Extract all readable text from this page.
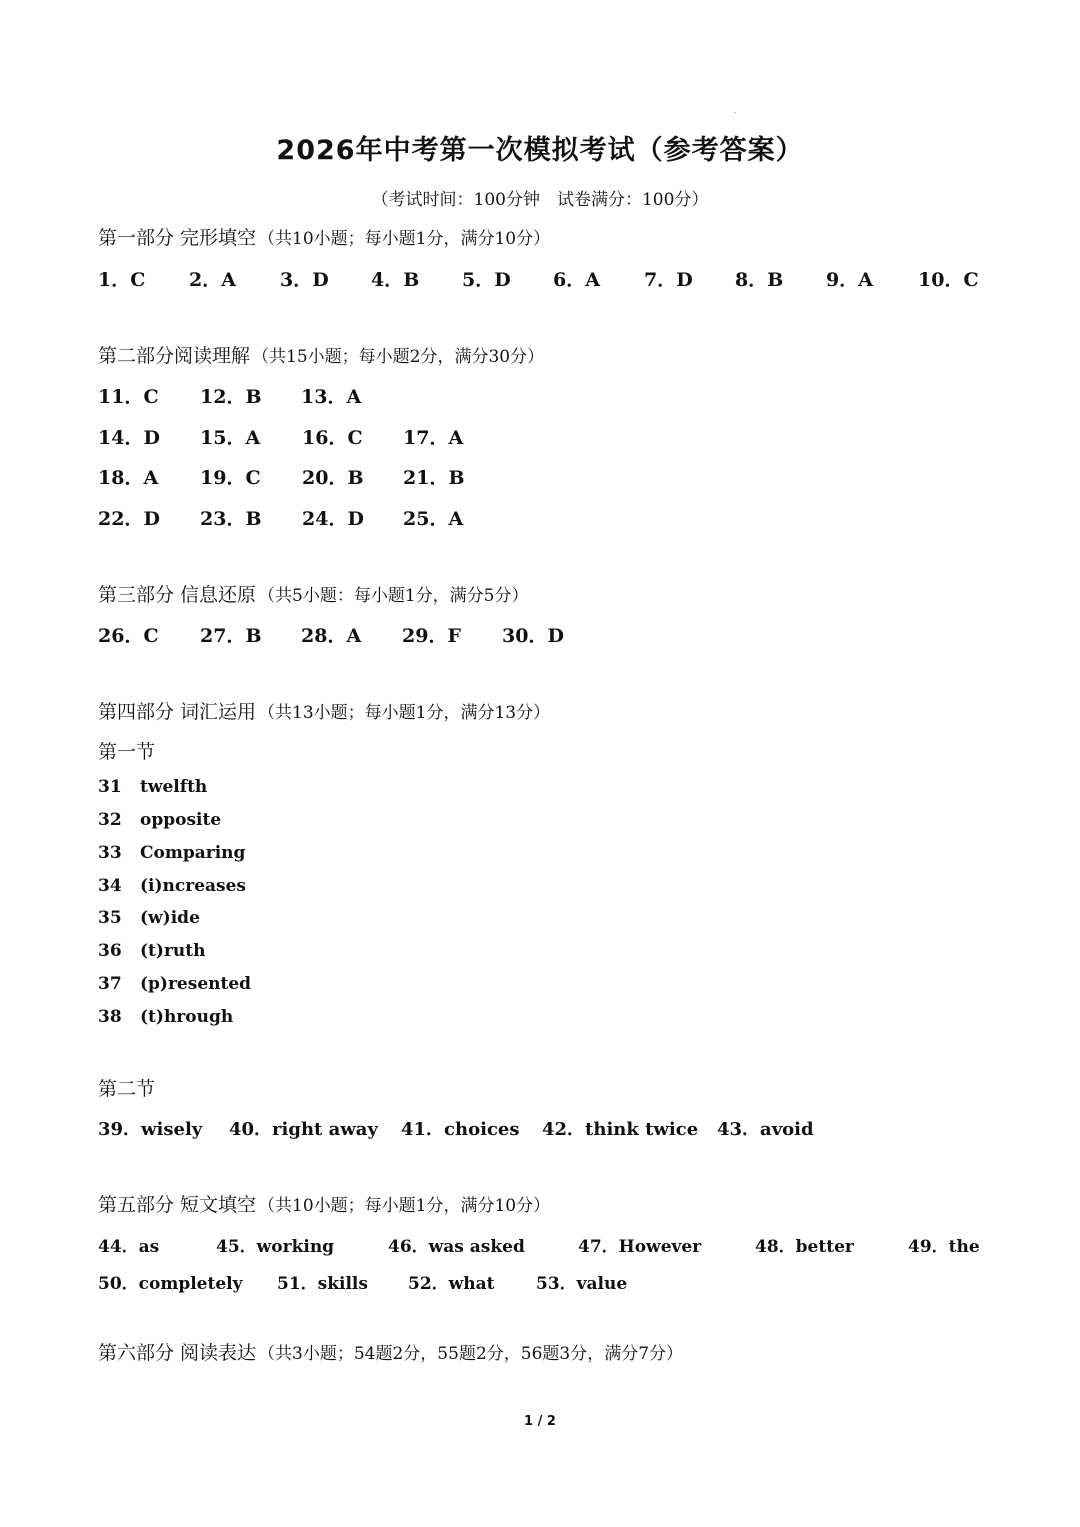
2026年中考第一次模拟考试（参考答案）
（考试时间：100分钟　试卷满分：100分）
第一部分 完形填空 （共10小题；每小题1分，满分10分）
1．C 2．A 3．D 4．B 5．D 6．A 7．D 8．B 9．A 10．C
第二部分阅读理解 （共15小题；每小题2分，满分30分）
11．C 12．B 13．A
14．D 15．A 16．C 17．A
18．A 19．C 20．B 21．B
22．D 23．B 24．D 25．A
第三部分 信息还原 （共5小题：每小题1分，满分5分）
26．C 27．B 28．A 29．F 30．D
第四部分 词汇运用 （共13小题；每小题1分，满分13分）
第一节
31 twelfth
32 opposite
33 Comparing
34 (i)ncreases
35 (w)ide
36 (t)ruth
37 (p)resented
38 (t)hrough
第二节
39．wisely 40．right away 41．choices 42．think twice 43．avoid
第五部分 短文填空 （共10小题；每小题1分，满分10分）
44．as	45．working	46．was asked	47．However	48．better	49．the
50．completely 51．skills 52．what 53．value
第六部分 阅读表达 （共3小题；54题2分，55题2分，56题3分，满分7分）
1 / 2
